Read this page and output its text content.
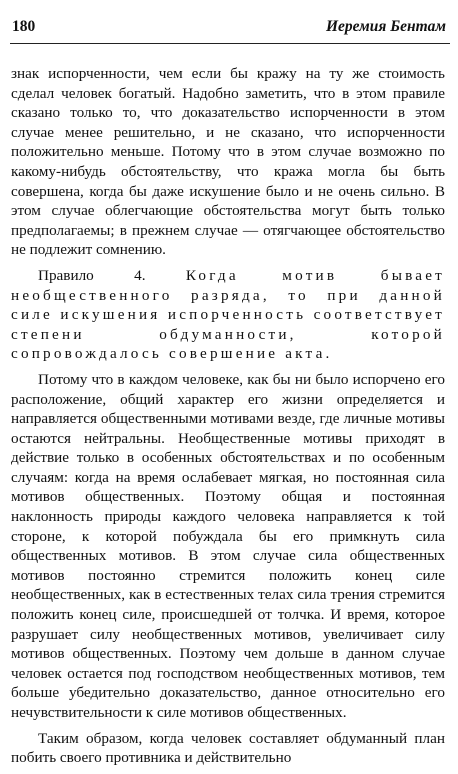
180	Иеремия Бентам

знак испорченности, чем если бы кражу на ту же стоимость сделал человек богатый. Надобно заметить, что в этом правиле сказано только то, что доказательство испорченности в этом случае менее решительно, и не сказано, что испорченности положительно меньше. Потому что в этом случае возможно по какому-нибудь обстоятельству, что кража могла бы быть совершена, когда бы даже искушение было и не очень сильно. В этом случае облегчающие обстоятельства могут быть только предполагаемы; в прежнем случае — отягчающее обстоятельство не подлежит сомнению.

Правило 4.	Когда мотив бывает необщественного разряда, то при данной силе искушения испорченность соответствует степени обдуманности, которой сопровождалось совершение акта.

Потому что в каждом человеке, как бы ни было испорчено его расположение, общий характер его жизни определяется и направляется общественными мотивами везде, где личные мотивы остаются нейтральны. Необщественные мотивы приходят в действие только в особенных обстоятельствах и по особенным случаям: когда на время ослабевает мягкая, но постоянная сила мотивов общественных. Поэтому общая и постоянная наклонность природы каждого человека направляется к той стороне, к которой побуждала бы его примкнуть сила общественных мотивов. В этом случае сила общественных мотивов постоянно стремится положить конец силе необщественных, как в естественных телах сила трения стремится положить конец силе, происшедшей от толчка. И время, которое разрушает силу необщественных мотивов, увеличивает силу мотивов общественных. Поэтому чем дольше в данном случае человек остается под господством необщественных мотивов, тем больше убедительно доказательство, данное относительно его нечувствительности к силе мотивов общественных.

Таким образом, когда человек составляет обдуманный план побить своего противника и действительно
